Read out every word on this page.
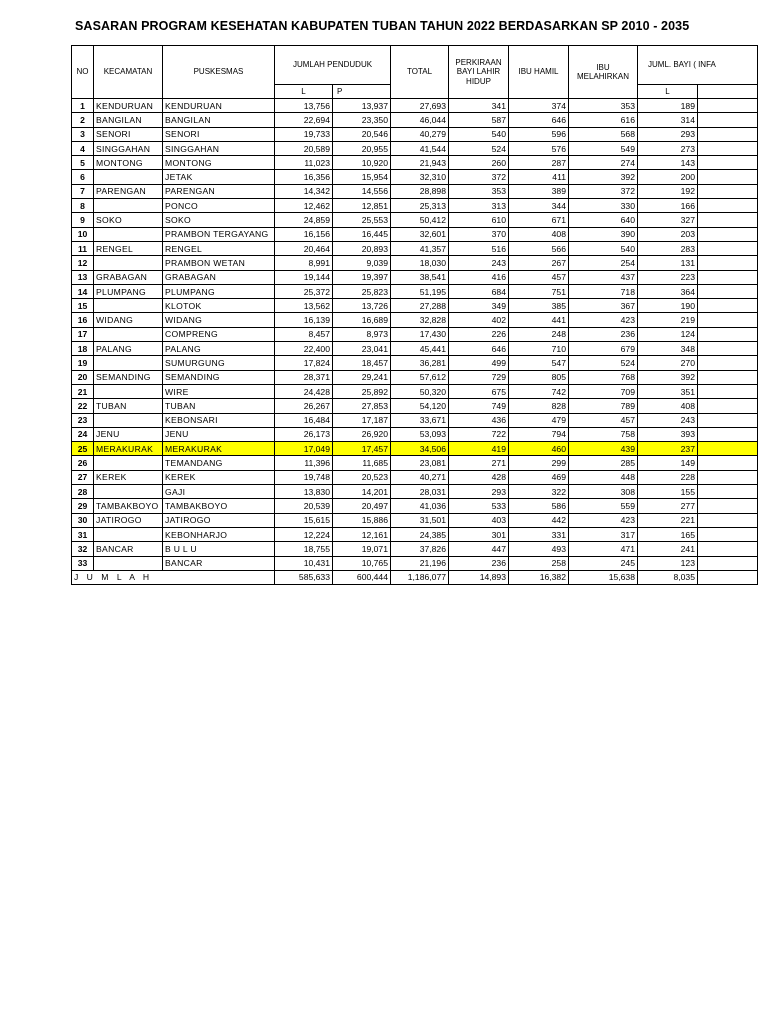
SASARAN PROGRAM KESEHATAN KABUPATEN TUBAN TAHUN 2022 BERDASARKAN SP 2010 - 2035
NO	KECAMATAN	PUSKESMAS	JUMLAH PENDUDUK		TOTAL	PERKIRAAN BAYI LAHIR HIDUP	IBU HAMIL	IBU MELAHIRKAN	JUML. BAYI ( INFA	
			L	P					L	
1	KENDURUAN	KENDURUAN	13,756	13,937	27,693	341	374	353	189	
2	BANGILAN	BANGILAN	22,694	23,350	46,044	587	646	616	314	
3	SENORI	SENORI	19,733	20,546	40,279	540	596	568	293	
4	SINGGAHAN	SINGGAHAN	20,589	20,955	41,544	524	576	549	273	
5	MONTONG	MONTONG	11,023	10,920	21,943	260	287	274	143	
6		JETAK	16,356	15,954	32,310	372	411	392	200	
7	PARENGAN	PARENGAN	14,342	14,556	28,898	353	389	372	192	
8		PONCO	12,462	12,851	25,313	313	344	330	166	
9	SOKO	SOKO	24,859	25,553	50,412	610	671	640	327	
10		PRAMBON TERGAYANG	16,156	16,445	32,601	370	408	390	203	
11	RENGEL	RENGEL	20,464	20,893	41,357	516	566	540	283	
12		PRAMBON WETAN	8,991	9,039	18,030	243	267	254	131	
13	GRABAGAN	GRABAGAN	19,144	19,397	38,541	416	457	437	223	
14	PLUMPANG	PLUMPANG	25,372	25,823	51,195	684	751	718	364	
15		KLOTOK	13,562	13,726	27,288	349	385	367	190	
16	WIDANG	WIDANG	16,139	16,689	32,828	402	441	423	219	
17		COMPRENG	8,457	8,973	17,430	226	248	236	124	
18	PALANG	PALANG	22,400	23,041	45,441	646	710	679	348	
19		SUMURGUNG	17,824	18,457	36,281	499	547	524	270	
20	SEMANDING	SEMANDING	28,371	29,241	57,612	729	805	768	392	
21		WIRE	24,428	25,892	50,320	675	742	709	351	
22	TUBAN	TUBAN	26,267	27,853	54,120	749	828	789	408	
23		KEBONSARI	16,484	17,187	33,671	436	479	457	243	
24	JENU	JENU	26,173	26,920	53,093	722	794	758	393	
25	MERAKURAK	MERAKURAK	17,049	17,457	34,506	419	460	439	237	
26		TEMANDANG	11,396	11,685	23,081	271	299	285	149	
27	KEREK	KEREK	19,748	20,523	40,271	428	469	448	228	
28		GAJI	13,830	14,201	28,031	293	322	308	155	
29	TAMBAKBOYO	TAMBAKBOYO	20,539	20,497	41,036	533	586	559	277	
30	JATIROGO	JATIROGO	15,615	15,886	31,501	403	442	423	221	
31		KEBONHARJO	12,224	12,161	24,385	301	331	317	165	
32	BANCAR	B U L U	18,755	19,071	37,826	447	493	471	241	
33		BANCAR	10,431	10,765	21,196	236	258	245	123	
J U M L A H			585,633	600,444	1,186,077	14,893	16,382	15,638	8,035	
